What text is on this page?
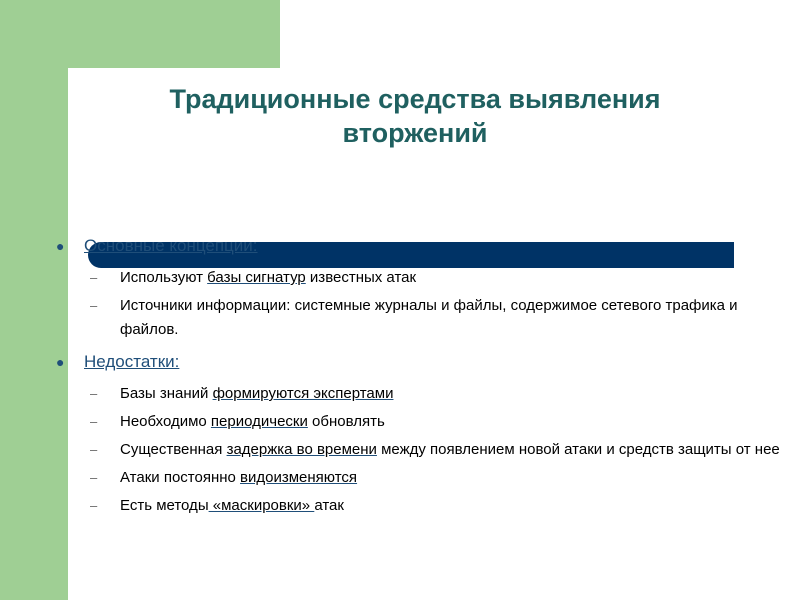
Традиционные средства выявления
вторжений
● Основные концепции:
– Используют базы сигнатур известных атак
– Источники информации: системные журналы и файлы, содержимое сетевого трафика и файлов.
● Недостатки:
– Базы знаний формируются экспертами
– Необходимо периодически обновлять
– Существенная задержка во времени между появлением новой атаки и средств защиты от нее
– Атаки постоянно видоизменяются
– Есть методы «маскировки» атак
